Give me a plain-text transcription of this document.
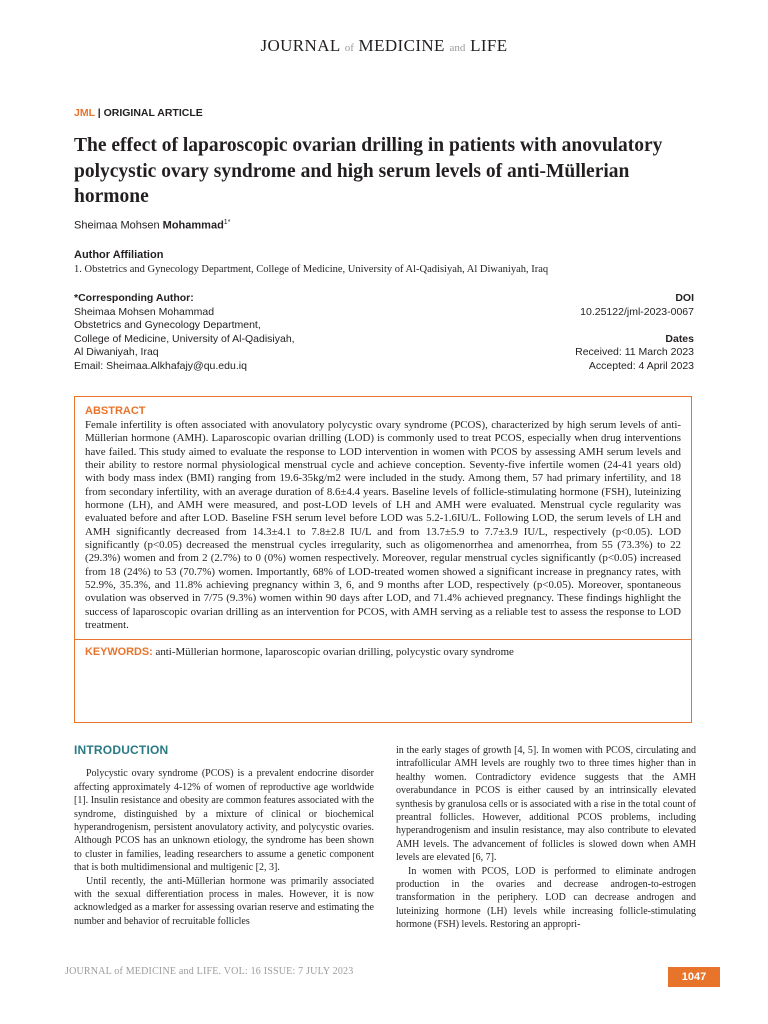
JOURNAL of MEDICINE and LIFE
JML | ORIGINAL ARTICLE
The effect of laparoscopic ovarian drilling in patients with anovulatory polycystic ovary syndrome and high serum levels of anti-Müllerian hormone
Sheimaa Mohsen Mohammad$^{1*}$
Author Affiliation
1. Obstetrics and Gynecology Department, College of Medicine, University of Al-Qadisiyah, Al Diwaniyah, Iraq
*Corresponding Author:
Sheimaa Mohsen Mohammad
Obstetrics and Gynecology Department,
College of Medicine, University of Al-Qadisiyah,
Al Diwaniyah, Iraq
Email: Sheimaa.Alkhafajy@qu.edu.iq
DOI
10.25122/jml-2023-0067
Dates
Received: 11 March 2023
Accepted: 4 April 2023
ABSTRACT

Female infertility is often associated with anovulatory polycystic ovary syndrome (PCOS), characterized by high serum levels of anti-Müllerian hormone (AMH). Laparoscopic ovarian drilling (LOD) is commonly used to treat PCOS, especially when drug interventions have failed. This study aimed to evaluate the response to LOD intervention in women with PCOS by assessing AMH serum levels and their ability to restore normal physiological menstrual cycle and achieve conception. Seventy-five infertile women (24-41 years old) with body mass index (BMI) ranging from 19.6-35kg/m2 were included in the study. Among them, 57 had primary infertility, and 18 from secondary infertility, with an average duration of 8.6±4.4 years. Baseline levels of follicle-stimulating hormone (FSH), luteinizing hormone (LH), and AMH were measured, and post-LOD levels of LH and AMH were evaluated. Menstrual cycle regularity was evaluated before and after LOD. Baseline FSH serum level before LOD was 5.2-1.6IU/L. Following LOD, the serum levels of LH and AMH significantly decreased from 14.3±4.1 to 7.8±2.8 IU/L and from 13.7±5.9 to 7.7±3.9 IU/L, respectively (p<0.05). LOD significantly (p<0.05) decreased the menstrual cycles irregularity, such as oligomenorrhea and amenorrhea, from 55 (73.3%) to 22 (29.3%) women and from 2 (2.7%) to 0 (0%) women respectively. Moreover, regular menstrual cycles significantly (p<0.05) increased from 18 (24%) to 53 (70.7%) women. Importantly, 68% of LOD-treated women showed a significant increase in pregnancy rates, with 52.9%, 35.3%, and 11.8% achieving pregnancy within 3, 6, and 9 months after LOD, respectively (p<0.05). Moreover, spontaneous ovulation was observed in 7/75 (9.3%) women within 90 days after LOD, and 71.4% achieved pregnancy. These findings highlight the success of laparoscopic ovarian drilling as an intervention for PCOS, with AMH serving as a reliable test to assess the response to LOD treatment.

KEYWORDS: anti-Müllerian hormone, laparoscopic ovarian drilling, polycystic ovary syndrome
INTRODUCTION

Polycystic ovary syndrome (PCOS) is a prevalent endocrine disorder affecting approximately 4-12% of women of reproductive age worldwide [1]. Insulin resistance and obesity are common features associated with the syndrome, distinguished by a mixture of clinical or biochemical hyperandrogenism, persistent anovulatory activity, and polycystic ovaries. Although PCOS has an unknown etiology, the syndrome has been shown to cluster in families, leading researchers to assume a genetic component that is both multidimensional and multigenic [2, 3].

Until recently, the anti-Müllerian hormone was primarily associated with the sexual differentiation process in males. However, it is now acknowledged as a marker for assessing ovarian reserve and estimating the number and behavior of recruitable follicles

in the early stages of growth [4, 5]. In women with PCOS, circulating and intrafollicular AMH levels are roughly two to three times higher than in healthy women. Contradictory evidence suggests that the AMH overabundance in PCOS is either caused by an intrinsically elevated synthesis by granulosa cells or is associated with a rise in the total count of preantral follicles. However, additional PCOS problems, including hyperandrogenism and insulin resistance, may also contribute to elevated AMH levels. The advancement of follicles is slowed down when AMH levels are elevated [6, 7].

In women with PCOS, LOD is performed to eliminate androgen production in the ovaries and decrease androgen-to-estrogen transformation in the periphery. LOD can decrease androgen and luteinizing hormone (LH) levels while increasing follicle-stimulating hormone (FSH) levels. Restoring an appropri-

JOURNAL of MEDICINE and LIFE. VOL: 16 ISSUE: 7 JULY 2023	1047
